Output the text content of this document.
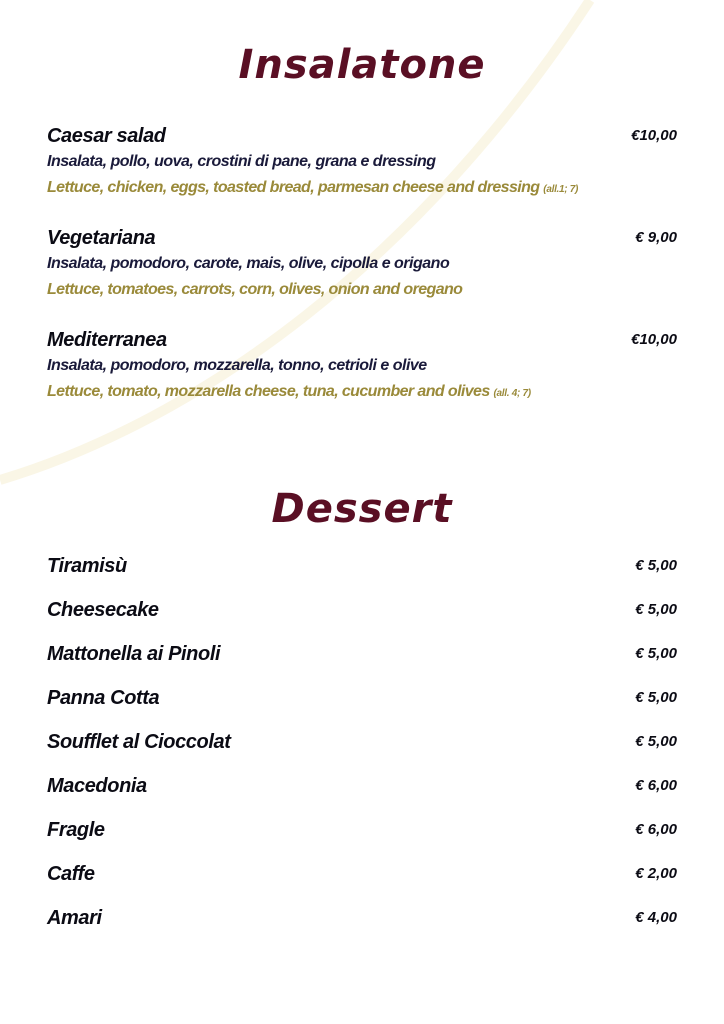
Insalatone
Caesar salad	€10,00
Insalata, pollo, uova, crostini di pane, grana e dressing
Lettuce, chicken, eggs, toasted bread, parmesan cheese and dressing (all.1; 7)
Vegetariana	€ 9,00
Insalata, pomodoro, carote, mais, olive, cipolla e origano
Lettuce, tomatoes, carrots, corn, olives, onion and oregano
Mediterranea	€10,00
Insalata, pomodoro, mozzarella, tonno, cetrioli e olive
Lettuce, tomato, mozzarella cheese, tuna, cucumber and olives (all. 4; 7)
Dessert
Tiramisù	€ 5,00
Cheesecake	€ 5,00
Mattonella ai Pinoli	€ 5,00
Panna Cotta	€ 5,00
Soufflet al Cioccolat	€ 5,00
Macedonia	€ 6,00
Fragle	€ 6,00
Caffe	€ 2,00
Amari	€ 4,00
